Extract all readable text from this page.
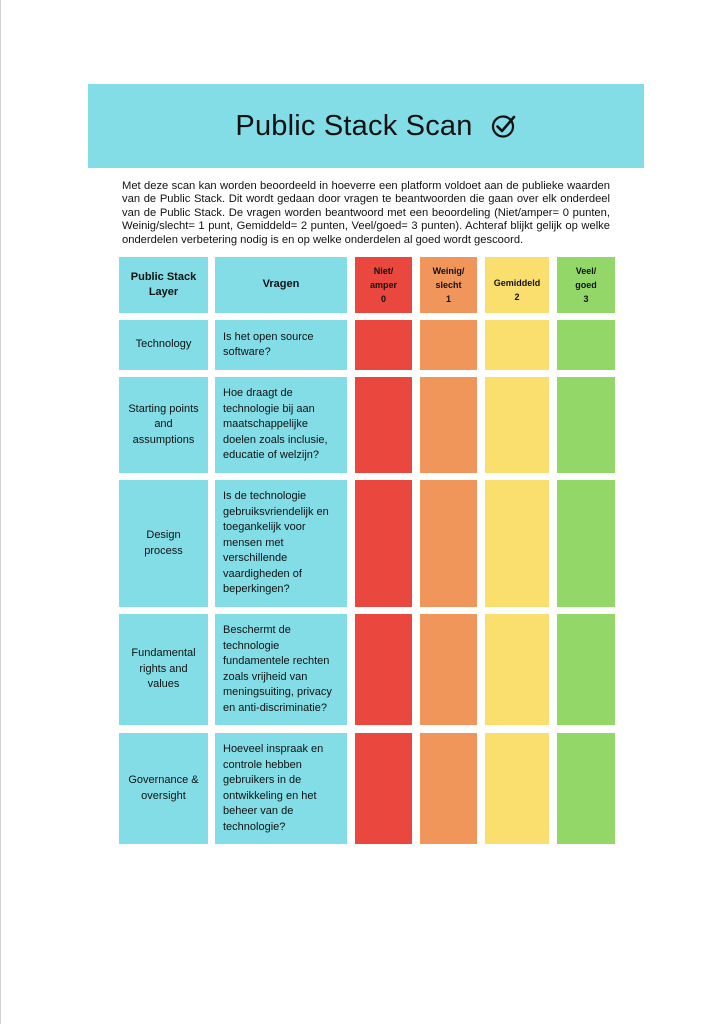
Public Stack Scan

Met deze scan kan worden beoordeeld in hoeverre een platform voldoet aan de publieke waarden van de Public Stack. Dit wordt gedaan door vragen te beantwoorden die gaan over elk onderdeel van de Public Stack. De vragen worden beantwoord met een beoordeling (Niet/amper= 0 punten, Weinig/slecht= 1 punt, Gemiddeld= 2 punten, Veel/goed= 3 punten). Achteraf blijkt gelijk op welke onderdelen verbetering nodig is en op welke onderdelen al goed wordt gescoord.

Public Stack Layer
Vragen
Niet/
amper
0
Weinig/
slecht
1
Gemiddeld
2
Veel/
goed
3
Technology
Is het open source software?
Starting points and assumptions
Hoe draagt de technologie bij aan maatschappelijke doelen zoals inclusie, educatie of welzijn?
Design process
Is de technologie gebruiksvriendelijk en toegankelijk voor mensen met verschillende vaardigheden of beperkingen?
Fundamental rights and values
Beschermt de technologie fundamentele rechten zoals vrijheid van meningsuiting, privacy en anti-discriminatie?
Governance & oversight
Hoeveel inspraak en controle hebben gebruikers in de ontwikkeling en het beheer van de technologie?
